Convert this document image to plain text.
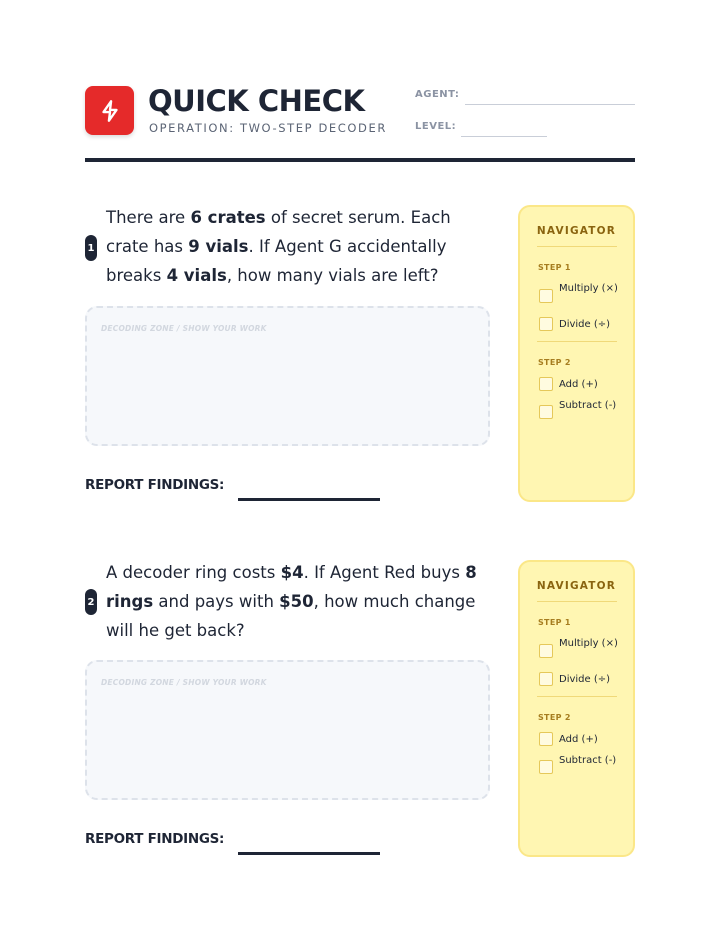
QUICK CHECK
OPERATION: TWO-STEP DECODER
AGENT:
LEVEL:
1
There are 6 crates of secret serum. Each crate has 9 vials. If Agent G accidentally breaks 4 vials, how many vials are left?
DECODING ZONE / SHOW YOUR WORK
REPORT FINDINGS:
NAVIGATOR
STEP 1
Multiply (×)
Divide (÷)
STEP 2
Add (+)
Subtract (-)
2
A decoder ring costs $4. If Agent Red buys 8 rings and pays with $50, how much change will he get back?
DECODING ZONE / SHOW YOUR WORK
REPORT FINDINGS:
NAVIGATOR
STEP 1
Multiply (×)
Divide (÷)
STEP 2
Add (+)
Subtract (-)
